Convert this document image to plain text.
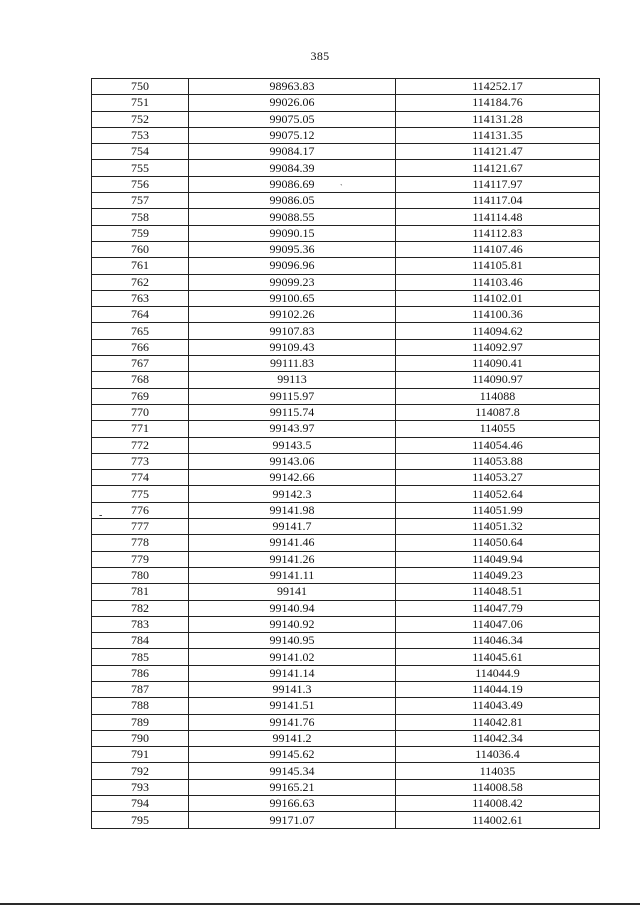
385
750	98963.83	114252.17
751	99026.06	114184.76
752	99075.05	114131.28
753	99075.12	114131.35
754	99084.17	114121.47
755	99084.39	114121.67
756	99086.69	114117.97
757	99086.05	114117.04
758	99088.55	114114.48
759	99090.15	114112.83
760	99095.36	114107.46
761	99096.96	114105.81
762	99099.23	114103.46
763	99100.65	114102.01
764	99102.26	114100.36
765	99107.83	114094.62
766	99109.43	114092.97
767	99111.83	114090.41
768	99113	114090.97
769	99115.97	114088
770	99115.74	114087.8
771	99143.97	114055
772	99143.5	114054.46
773	99143.06	114053.88
774	99142.66	114053.27
775	99142.3	114052.64
776	99141.98	114051.99
777	99141.7	114051.32
778	99141.46	114050.64
779	99141.26	114049.94
780	99141.11	114049.23
781	99141	114048.51
782	99140.94	114047.79
783	99140.92	114047.06
784	99140.95	114046.34
785	99141.02	114045.61
786	99141.14	114044.9
787	99141.3	114044.19
788	99141.51	114043.49
789	99141.76	114042.81
790	99141.2	114042.34
791	99145.62	114036.4
792	99145.34	114035
793	99165.21	114008.58
794	99166.63	114008.42
795	99171.07	114002.61
-
`
